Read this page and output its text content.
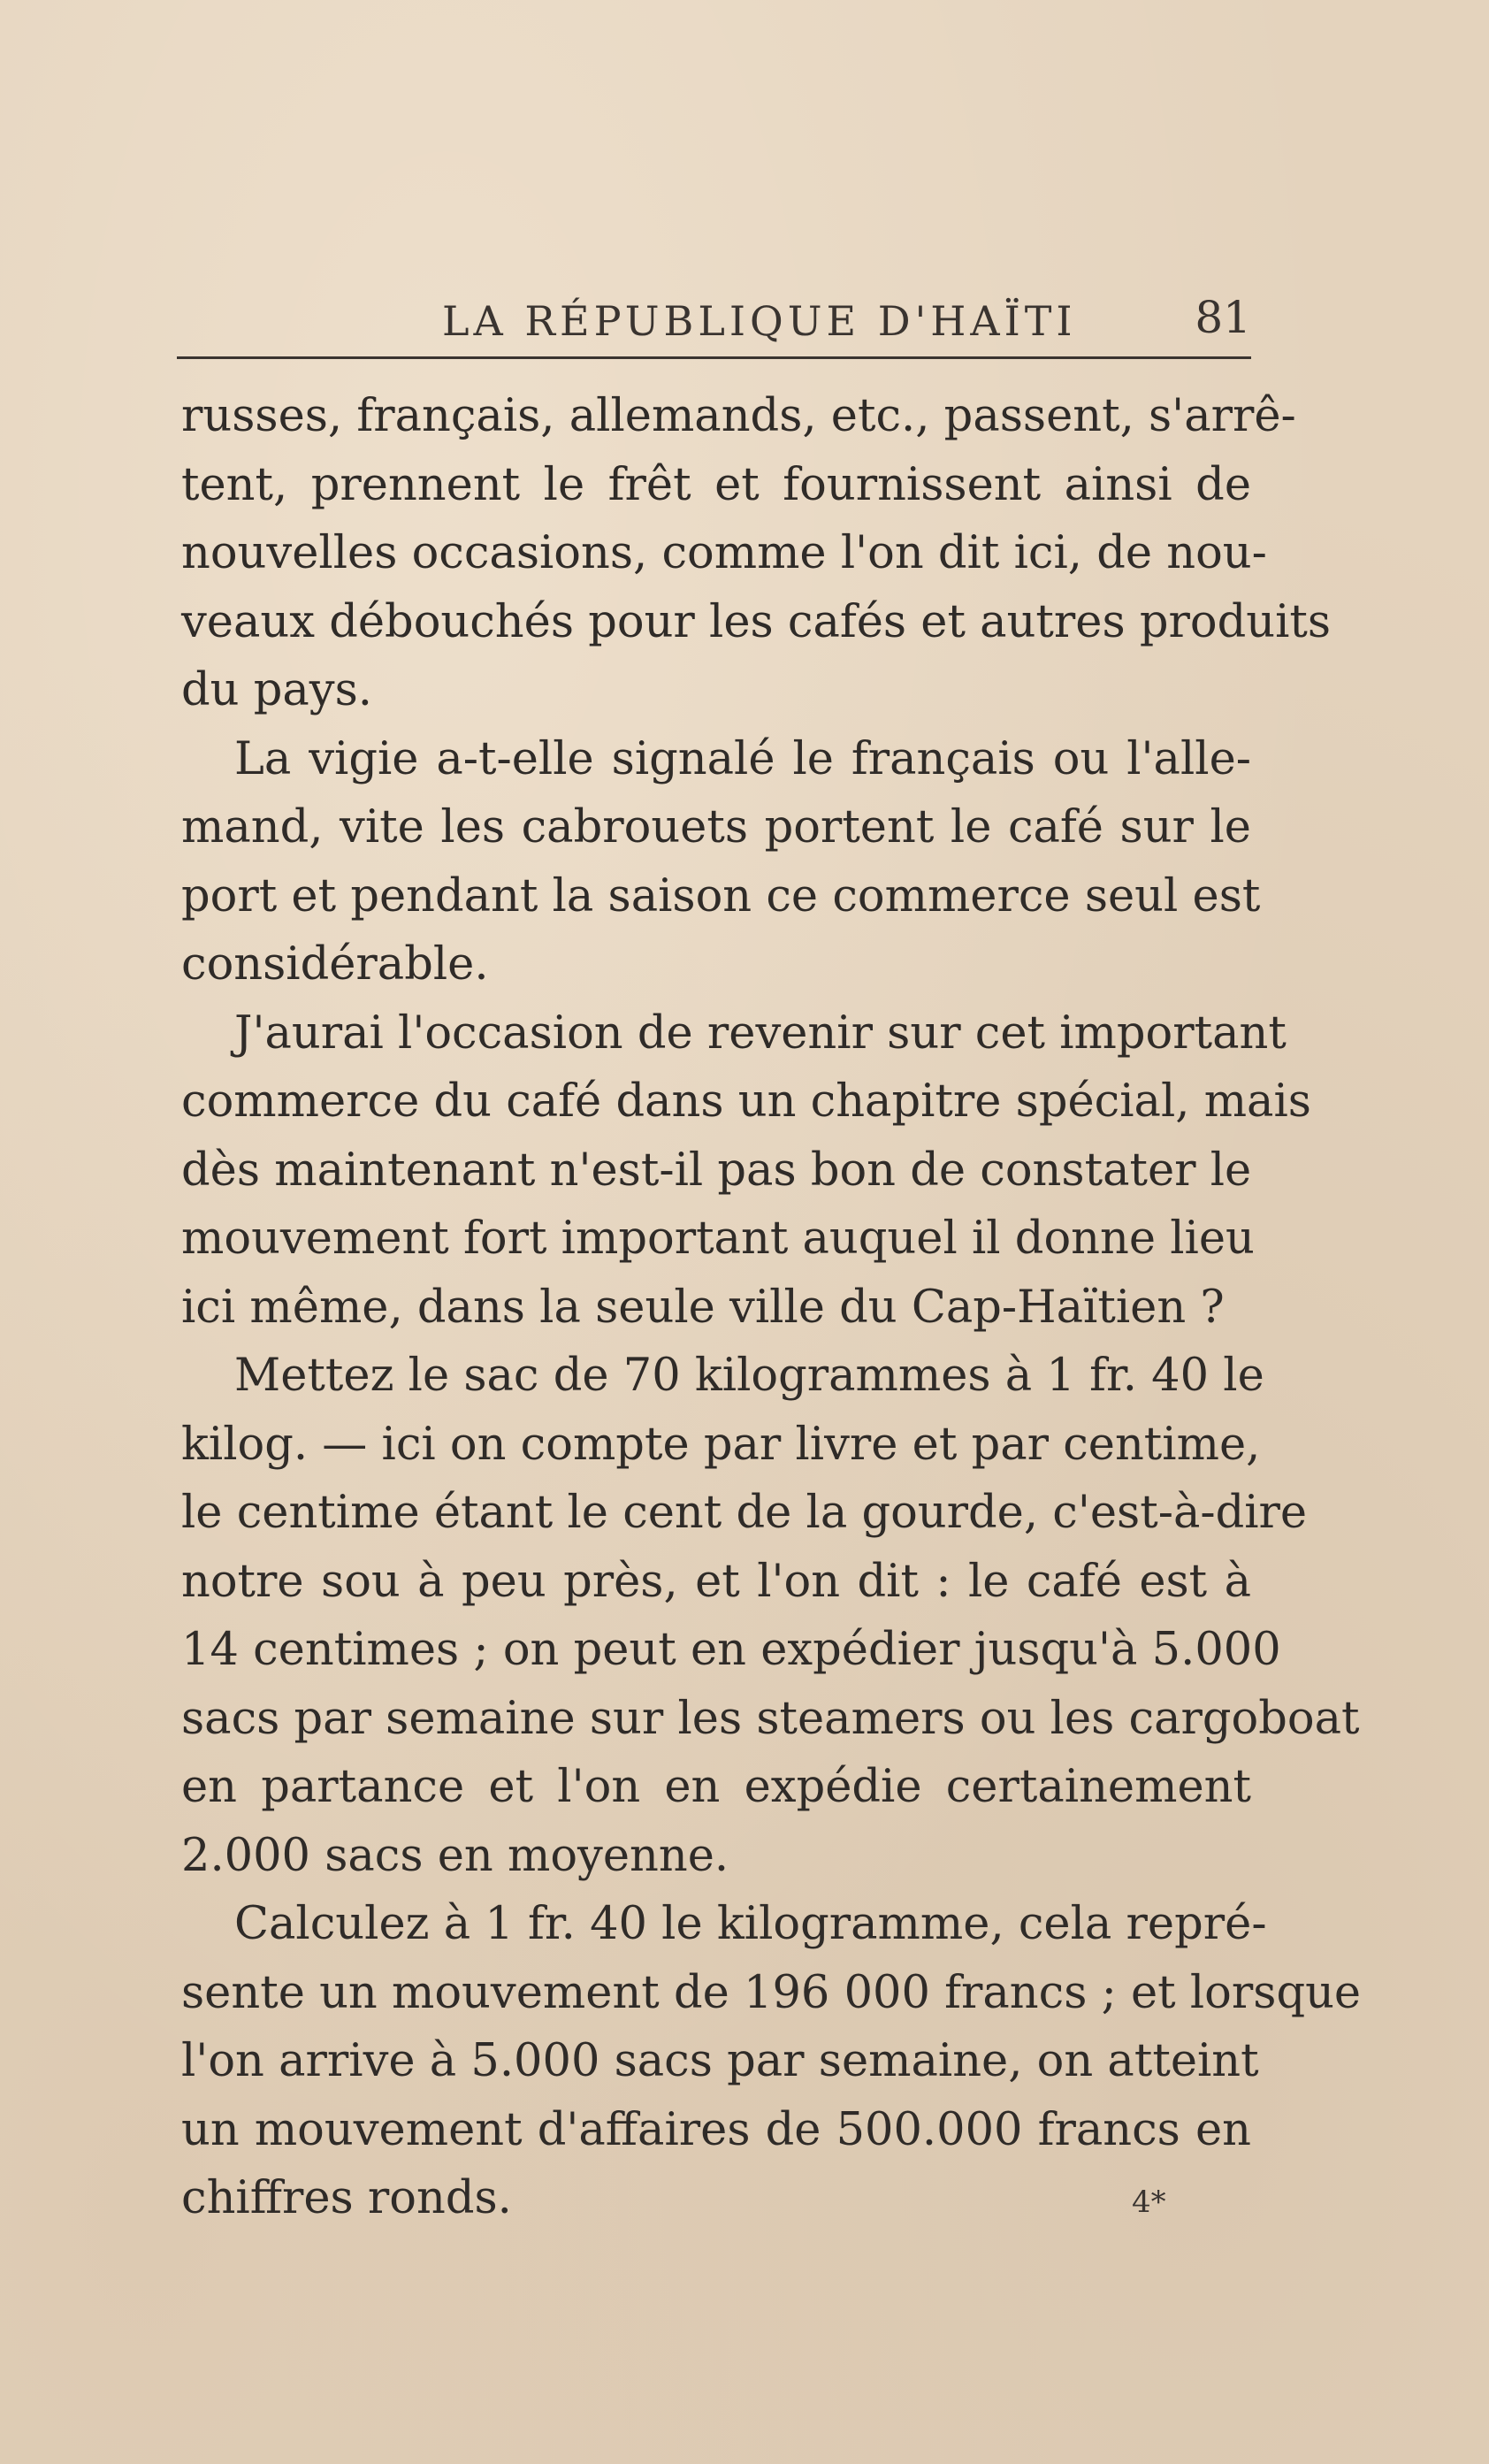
LA RÉPUBLIQUE D'HAÏTI	81
russes, français, allemands, etc., passent, s'arrê-
tent, prennent le frêt et fournissent ainsi de
nouvelles occasions, comme l'on dit ici, de nou-
veaux débouchés pour les cafés et autres produits
du pays.
La vigie a-t-elle signalé le français ou l'alle-
mand, vite les cabrouets portent le café sur le
port et pendant la saison ce commerce seul est
considérable.
J'aurai l'occasion de revenir sur cet important
commerce du café dans un chapitre spécial, mais
dès maintenant n'est-il pas bon de constater le
mouvement fort important auquel il donne lieu
ici même, dans la seule ville du Cap-Haïtien ?
Mettez le sac de 70 kilogrammes à 1 fr. 40 le
kilog. — ici on compte par livre et par centime,
le centime étant le cent de la gourde, c'est-à-dire
notre sou à peu près, et l'on dit : le café est à
14 centimes ; on peut en expédier jusqu'à 5.000
sacs par semaine sur les steamers ou les cargoboat
en partance et l'on en expédie certainement
2.000 sacs en moyenne.
Calculez à 1 fr. 40 le kilogramme, cela repré-
sente un mouvement de 196 000 francs ; et lorsque
l'on arrive à 5.000 sacs par semaine, on atteint
un mouvement d'affaires de 500.000 francs en
chiffres ronds.	4*
